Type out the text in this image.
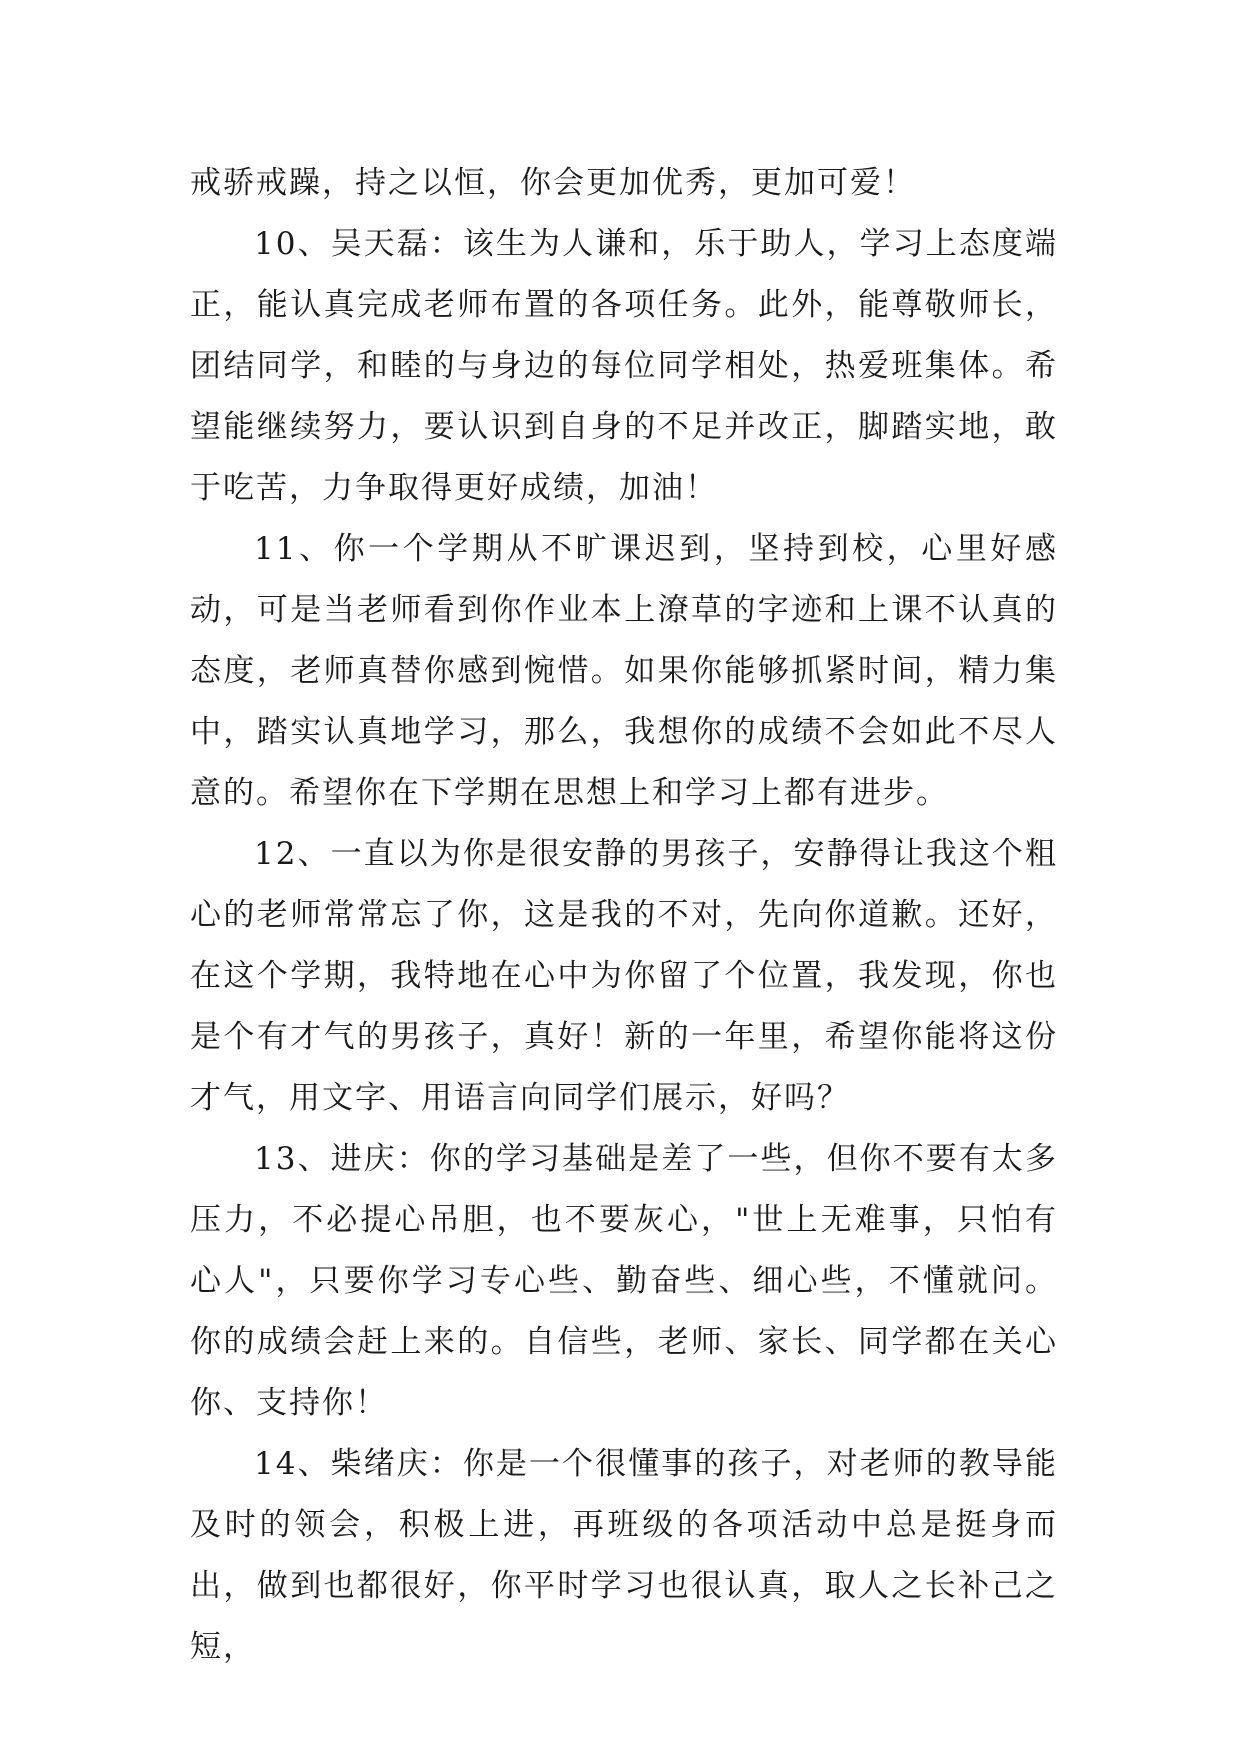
戒骄戒躁，持之以恒，你会更加优秀，更加可爱！

10、吴天磊：该生为人谦和，乐于助人，学习上态度端正，能认真完成老师布置的各项任务。此外，能尊敬师长，团结同学，和睦的与身边的每位同学相处，热爱班集体。希望能继续努力，要认识到自身的不足并改正，脚踏实地，敢于吃苦，力争取得更好成绩，加油！

11、你一个学期从不旷课迟到，坚持到校，心里好感动，可是当老师看到你作业本上潦草的字迹和上课不认真的态度，老师真替你感到惋惜。如果你能够抓紧时间，精力集中，踏实认真地学习，那么，我想你的成绩不会如此不尽人意的。希望你在下学期在思想上和学习上都有进步。

12、一直以为你是很安静的男孩子，安静得让我这个粗心的老师常常忘了你，这是我的不对，先向你道歉。还好，在这个学期，我特地在心中为你留了个位置，我发现，你也是个有才气的男孩子，真好！新的一年里，希望你能将这份才气，用文字、用语言向同学们展示，好吗？

13、进庆：你的学习基础是差了一些，但你不要有太多压力，不必提心吊胆，也不要灰心，"世上无难事，只怕有心人"，只要你学习专心些、勤奋些、细心些，不懂就问。你的成绩会赶上来的。自信些，老师、家长、同学都在关心你、支持你！

14、柴绪庆：你是一个很懂事的孩子，对老师的教导能及时的领会，积极上进，再班级的各项活动中总是挺身而出，做到也都很好，你平时学习也很认真，取人之长补己之短，
